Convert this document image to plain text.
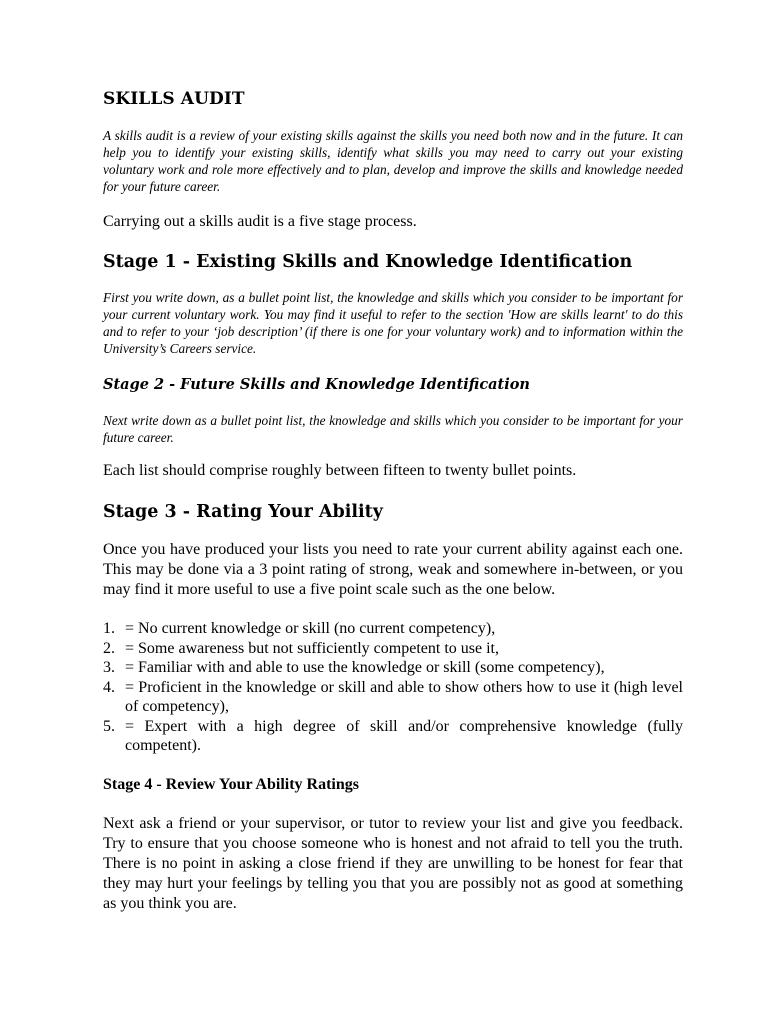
SKILLS AUDIT

A skills audit is a review of your existing skills against the skills you need both now and in the future. It can help you to identify your existing skills, identify what skills you may need to carry out your existing voluntary work and role more effectively and to plan, develop and improve the skills and knowledge needed for your future career.

Carrying out a skills audit is a five stage process.

Stage 1 - Existing Skills and Knowledge Identification

First you write down, as a bullet point list, the knowledge and skills which you consider to be important for your current voluntary work. You may find it useful to refer to the section 'How are skills learnt' to do this and to refer to your ‘job description’ (if there is one for your voluntary work) and to information within the University’s Careers service.

Stage 2 - Future Skills and Knowledge Identification

Next write down as a bullet point list, the knowledge and skills which you consider to be important for your future career.

Each list should comprise roughly between fifteen to twenty bullet points.

Stage 3 - Rating Your Ability

Once you have produced your lists you need to rate your current ability against each one. This may be done via a 3 point rating of strong, weak and somewhere in-between, or you may find it more useful to use a five point scale such as the one below.

1. = No current knowledge or skill (no current competency),
2. = Some awareness but not sufficiently competent to use it,
3. = Familiar with and able to use the knowledge or skill (some competency),
4. = Proficient in the knowledge or skill and able to show others how to use it (high level of competency),
5. = Expert with a high degree of skill and/or comprehensive knowledge (fully competent).
Stage 4 - Review Your Ability Ratings

Next ask a friend or your supervisor, or tutor to review your list and give you feedback. Try to ensure that you choose someone who is honest and not afraid to tell you the truth. There is no point in asking a close friend if they are unwilling to be honest for fear that they may hurt your feelings by telling you that you are possibly not as good at something as you think you are.
